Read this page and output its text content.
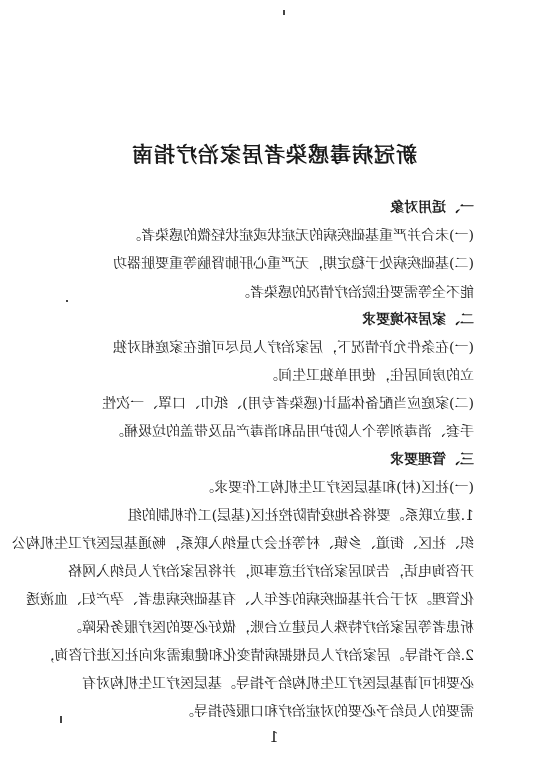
新冠病毒感染者居家治疗指南
一、适用对象
(一)未合并严重基础疾病的无症状或症状轻微的感染者。
(二)基础疾病处于稳定期，无严重心肝肺肾脑等重要脏器功
能不全等需要住院治疗情况的感染者。
二、家居环境要求
(一)在条件允许情况下，居家治疗人员尽可能在家庭相对独
立的房间居住，使用单独卫生间。
(二)家庭应当配备体温计(感染者专用)、纸巾、口罩、一次性
手套、消毒剂等个人防护用品和消毒产品及带盖的垃圾桶。
三、管理要求
(一)社区(村)和基层医疗卫生机构工作要求。
1.建立联系。要将各地疫情防控社区(基层)工作机制的组
织、社区、街道、乡镇、村等社会力量纳入联系，畅通基层医疗卫生机构公
开咨询电话，告知居家治疗注意事项，并将居家治疗人员纳入网格
化管理。对于合并基础疾病的老年人、有基础疾病患者、孕产妇、血液透
析患者等居家治疗特殊人员建立台账，做好必要的医疗服务保障。
2.给予指导。居家治疗人员根据病情变化和健康需求向社区进行咨询，
必要时可请基层医疗卫生机构给予指导。基层医疗卫生机构对有
需要的人员给予必要的对症治疗和口服药指导。
1
